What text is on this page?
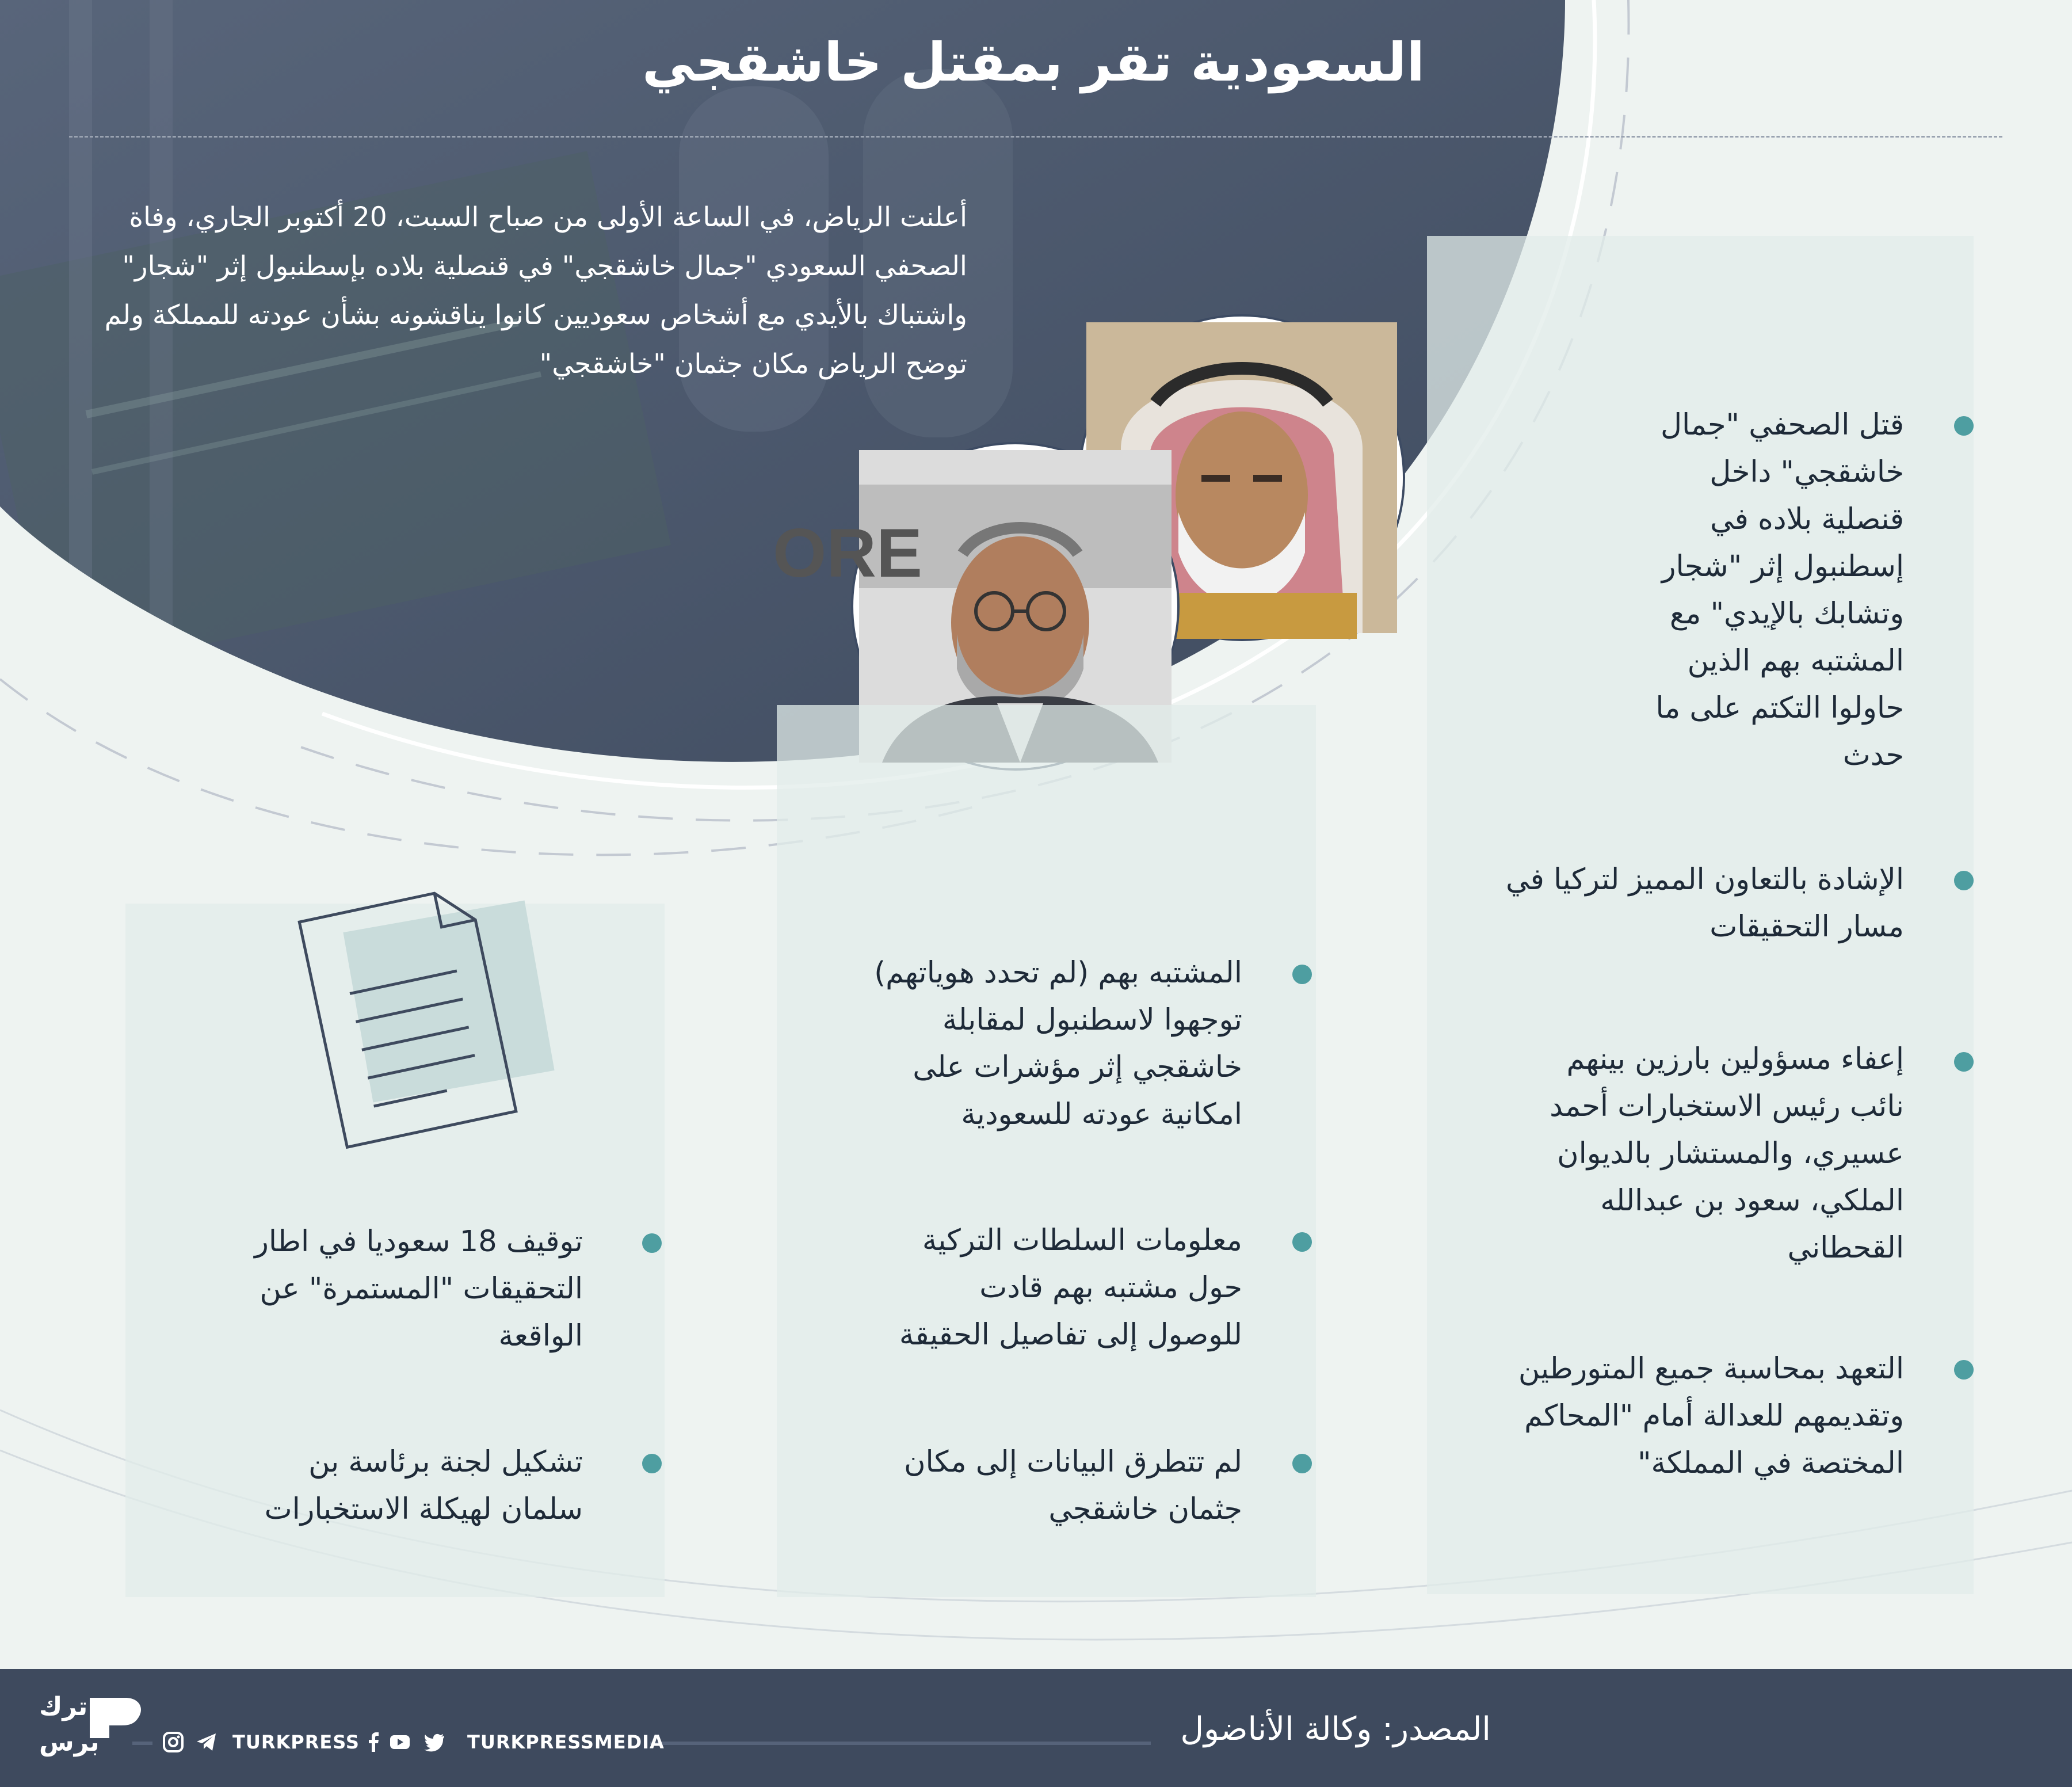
السعودية تقر بمقتل خاشقجي

أعلنت الرياض، في الساعة الأولى من صباح السبت، 20 أكتوبر الجاري، وفاة الصحفي السعودي "جمال خاشقجي" في قنصلية بلاده بإسطنبول إثر "شجار" واشتباك بالأيدي مع أشخاص سعوديين كانوا يناقشونه بشأن عودته للمملكة ولم توضح الرياض مكان جثمان "خاشقجي"

ORE

قتل الصحفي "جمال خاشقجي" داخل قنصلية بلاده في إسطنبول إثر "شجار وتشابك بالإيدي" مع المشتبه بهم الذين حاولوا التكتم على ما حدث

الإشادة بالتعاون المميز لتركيا في مسار التحقيقات

إعفاء مسؤولين بارزين بينهم نائب رئيس الاستخبارات أحمد عسيري، والمستشار بالديوان الملكي، سعود بن عبدالله القحطاني

التعهد بمحاسبة جميع المتورطين وتقديمهم للعدالة أمام "المحاكم المختصة في المملكة"

المشتبه بهم (لم تحدد هوياتهم) توجهوا لاسطنبول لمقابلة خاشقجي إثر مؤشرات على امكانية عودته للسعودية

معلومات السلطات التركية حول مشتبه بهم قادت للوصول إلى تفاصيل الحقيقة

لم تتطرق البيانات إلى مكان جثمان خاشقجي

توقيف 18 سعوديا في اطار التحقيقات "المستمرة" عن الواقعة

تشكيل لجنة برئاسة بن سلمان لهيكلة الاستخبارات

المصدر: وكالة الأناضول
TURKPRESSMEDIA
TURKPRESS
ترك
برس
